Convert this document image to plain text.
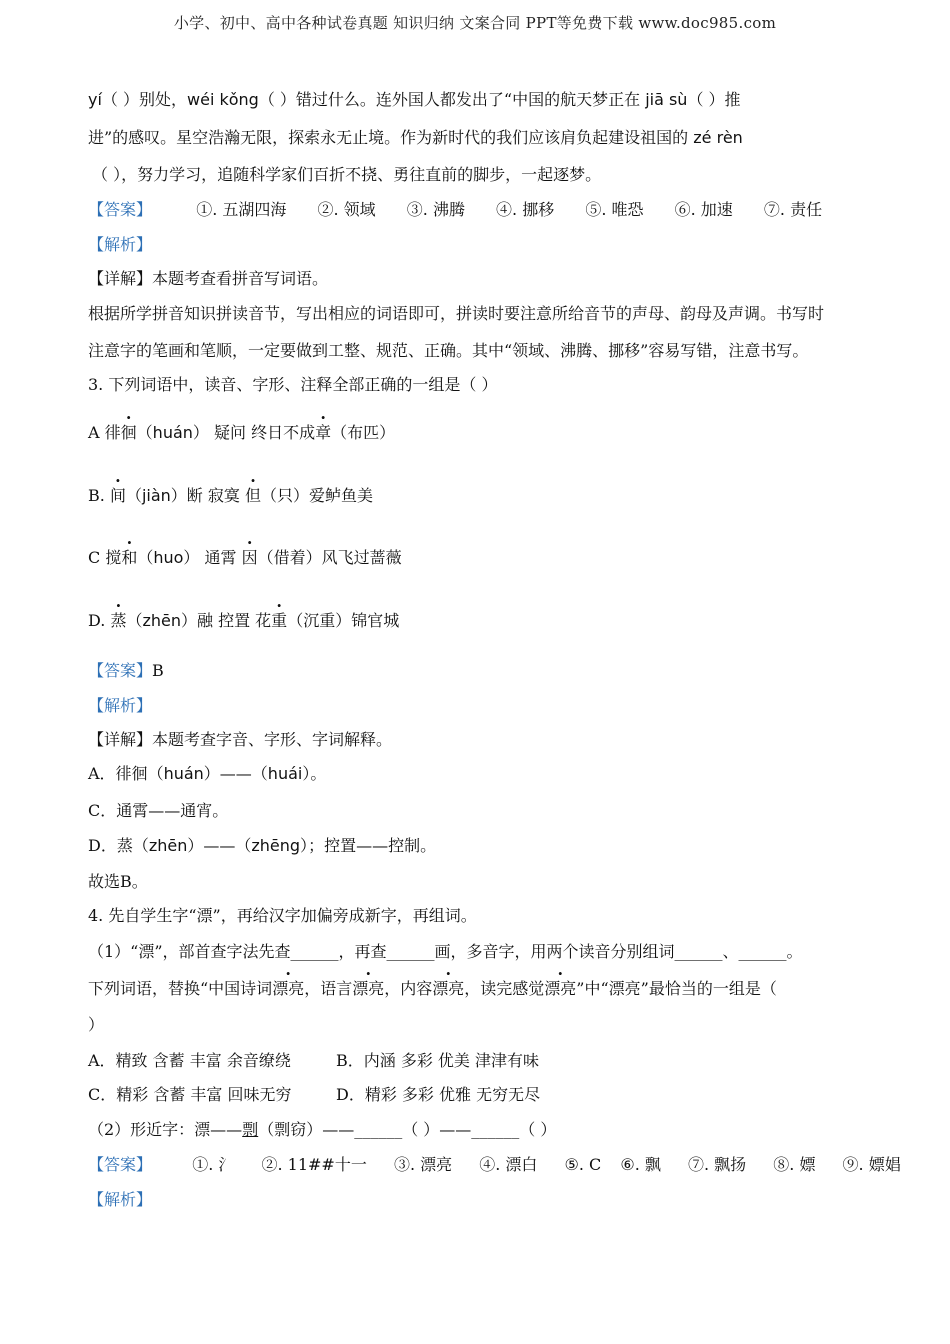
小学、初中、高中各种试卷真题 知识归纳 文案合同 PPT等免费下载 www.doc985.com
yí（ ）别处，wéi kǒng（ ）错过什么。连外国人都发出了“中国的航天梦正在 jiā sù（ ）推
进”的感叹。星空浩瀚无限，探索永无止境。作为新时代的我们应该肩负起建设祖国的 zé rèn
（ ），努力学习，追随科学家们百折不挠、勇往直前的脚步，一起逐梦。
【答案】	①. 五湖四海 ②. 领域 ③. 沸腾 ④. 挪移 ⑤. 唯恐 ⑥. 加速 ⑦. 责任
【解析】
【详解】本题考查看拼音写词语。
根据所学拼音知识拼读音节，写出相应的词语即可，拼读时要注意所给音节的声母、韵母及声调。书写时
注意字的笔画和笔顺，一定要做到工整、规范、正确。其中“领域、沸腾、挪移”容易写错，注意书写。
3. 下列词语中，读音、字形、注释全部正确的一组是（ ）
A 徘徊（huán） 疑问 终日不成章（布匹）
B. 间（jiàn）断 寂寞 但（只）爱鲈鱼美
C 搅和（huo） 通霄 因（借着）风飞过蔷薇
D. 蒸（zhēn）融 控置 花重（沉重）锦官城
【答案】B
【解析】
【详解】本题考查字音、字形、字词解释。
A．徘徊（huán）——（huái）。
C．通霄——通宵。
D．蒸（zhēn）——（zhēng）；控置——控制。
故选B。
4. 先自学生字“漂”，再给汉字加偏旁成新字，再组词。
（1）“漂”，部首查字法先查______，再查______画，多音字，用两个读音分别组词______、______。
下列词语，替换“中国诗词漂亮，语言漂亮，内容漂亮，读完感觉漂亮”中“漂亮”最恰当的一组是（
）
A．精致 含蓄 丰富 余音缭绕	B．内涵 多彩 优美 津津有味
C．精彩 含蓄 丰富 回味无穷	D．精彩 多彩 优雅 无穷无尽
（2）形近字：漂——剽（剽窃）——______（ ）——______（ ）
【答案】	①. 氵 ②. 11##十一 ③. 漂亮 ④. 漂白 ⑤. C ⑥. 飘 ⑦. 飘扬 ⑧. 嫖 ⑨. 嫖娼
【解析】
